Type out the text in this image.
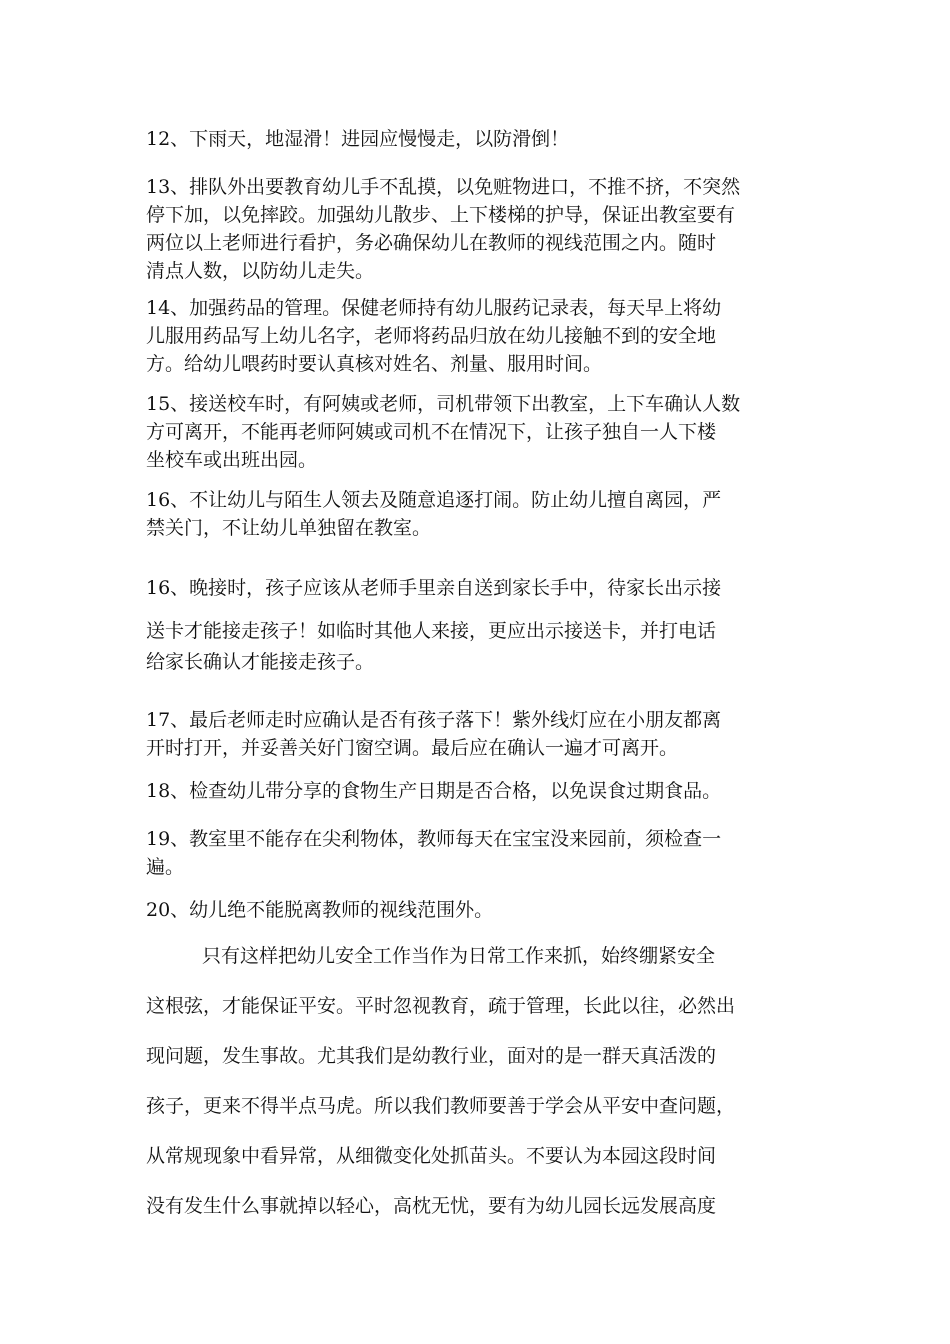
12、下雨天，地湿滑！进园应慢慢走，以防滑倒！

13、排队外出要教育幼儿手不乱摸，以免赃物进口，不推不挤，不突然
停下加，以免摔跤。加强幼儿散步、上下楼梯的护导，保证出教室要有
两位以上老师进行看护，务必确保幼儿在教师的视线范围之内。随时
清点人数，以防幼儿走失。

14、加强药品的管理。保健老师持有幼儿服药记录表，每天早上将幼
儿服用药品写上幼儿名字，老师将药品归放在幼儿接触不到的安全地
方。给幼儿喂药时要认真核对姓名、剂量、服用时间。

15、接送校车时，有阿姨或老师，司机带领下出教室，上下车确认人数
方可离开，不能再老师阿姨或司机不在情况下，让孩子独自一人下楼
坐校车或出班出园。

16、不让幼儿与陌生人领去及随意追逐打闹。防止幼儿擅自离园，严
禁关门，不让幼儿单独留在教室。

16、晚接时，孩子应该从老师手里亲自送到家长手中，待家长出示接
送卡才能接走孩子！如临时其他人来接，更应出示接送卡，并打电话
给家长确认才能接走孩子。

17、最后老师走时应确认是否有孩子落下！紫外线灯应在小朋友都离
开时打开，并妥善关好门窗空调。最后应在确认一遍才可离开。

18、检查幼儿带分享的食物生产日期是否合格，以免误食过期食品。

19、教室里不能存在尖利物体，教师每天在宝宝没来园前，须检查一
遍。

20、幼儿绝不能脱离教师的视线范围外。

只有这样把幼儿安全工作当作为日常工作来抓，始终绷紧安全
这根弦，才能保证平安。平时忽视教育，疏于管理，长此以往，必然出
现问题，发生事故。尤其我们是幼教行业，面对的是一群天真活泼的
孩子，更来不得半点马虎。所以我们教师要善于学会从平安中查问题，
从常规现象中看异常，从细微变化处抓苗头。不要认为本园这段时间
没有发生什么事就掉以轻心，高枕无忧，要有为幼儿园长远发展高度
